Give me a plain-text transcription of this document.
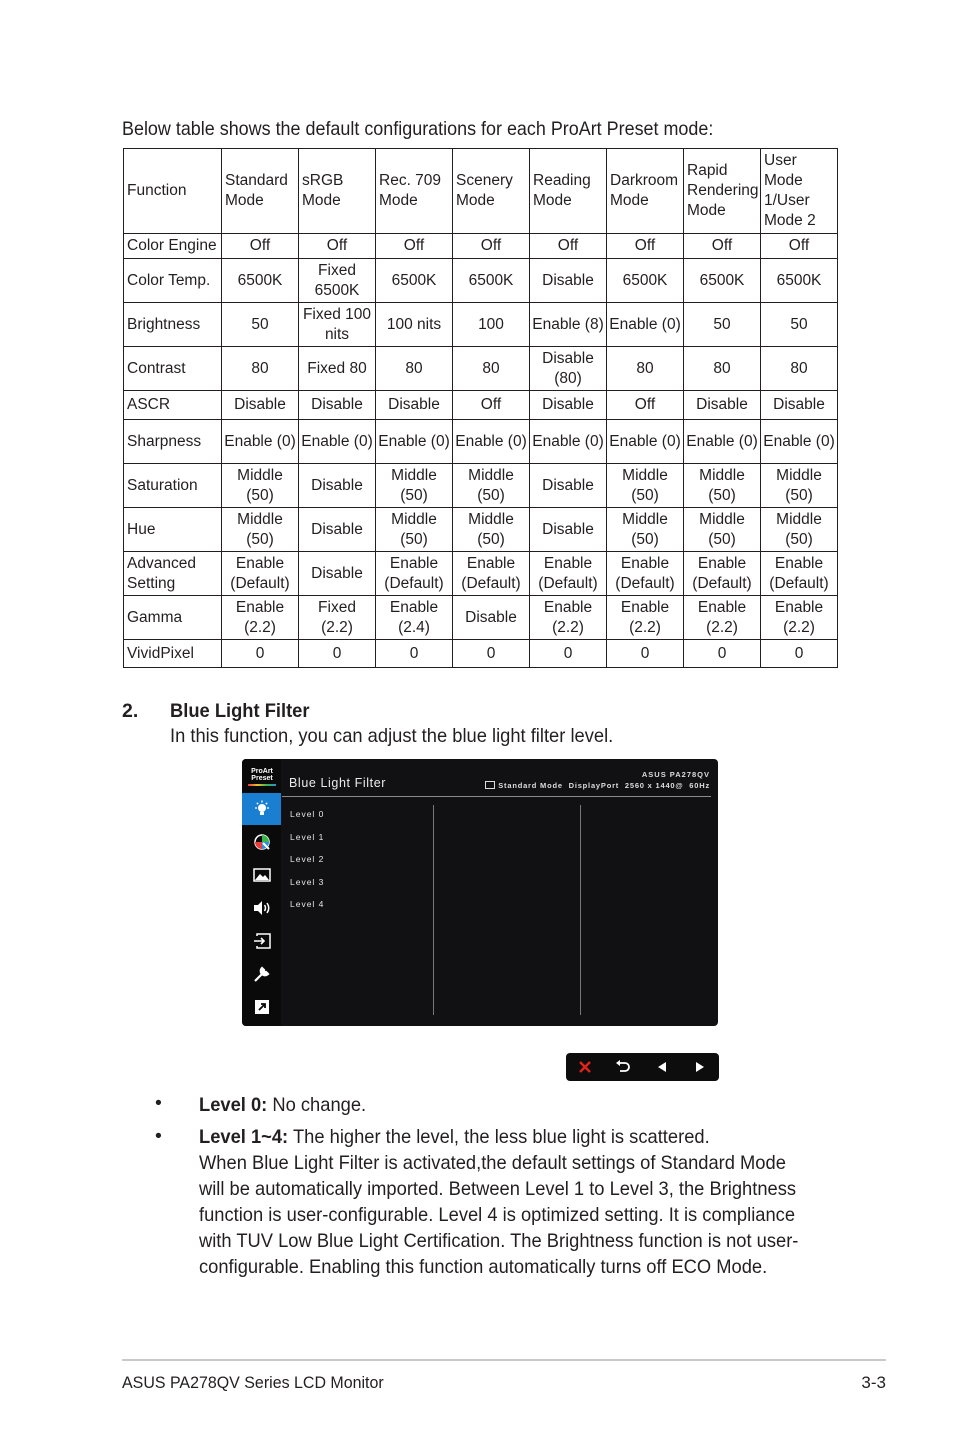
Below table shows the default configurations for each ProArt Preset mode:

Function	Standard Mode	sRGB Mode	Rec. 709 Mode	Scenery Mode	Reading Mode	Darkroom Mode	Rapid Rendering Mode	User Mode 1/User Mode 2
Color Engine	Off	Off	Off	Off	Off	Off	Off	Off
Color Temp.	6500K	Fixed 6500K	6500K	6500K	Disable	6500K	6500K	6500K
Brightness	50	Fixed 100 nits	100 nits	100	Enable (8)	Enable (0)	50	50
Contrast	80	Fixed 80	80	80	Disable (80)	80	80	80
ASCR	Disable	Disable	Disable	Off	Disable	Off	Disable	Disable
Sharpness	Enable (0)	Enable (0)	Enable (0)	Enable (0)	Enable (0)	Enable (0)	Enable (0)	Enable (0)
Saturation	Middle (50)	Disable	Middle (50)	Middle (50)	Disable	Middle (50)	Middle (50)	Middle (50)
Hue	Middle (50)	Disable	Middle (50)	Middle (50)	Disable	Middle (50)	Middle (50)	Middle (50)
Advanced Setting	Enable (Default)	Disable	Enable (Default)	Enable (Default)	Enable (Default)	Enable (Default)	Enable (Default)	Enable (Default)
Gamma	Enable (2.2)	Fixed (2.2)	Enable (2.4)	Disable	Enable (2.2)	Enable (2.2)	Enable (2.2)	Enable (2.2)
VividPixel	0	0	0	0	0	0	0	0

2. Blue Light Filter

In this function, you can adjust the blue light filter level.

ProArt
Preset Blue Light Filter

ASUS PA278QV
Standard Mode DisplayPort 2560 x 1440@ 60Hz
Level 0
Level 1
Level 2
Level 3
Level 4

• Level 0: No change.

• Level 1~4: The higher the level, the less blue light is scattered.
When Blue Light Filter is activated,the default settings of Standard Mode
will be automatically imported. Between Level 1 to Level 3, the Brightness
function is user-configurable. Level 4 is optimized setting. It is compliance
with TUV Low Blue Light Certification. The Brightness function is not user-
configurable. Enabling this function automatically turns off ECO Mode.

ASUS PA278QV Series LCD Monitor	3-3
